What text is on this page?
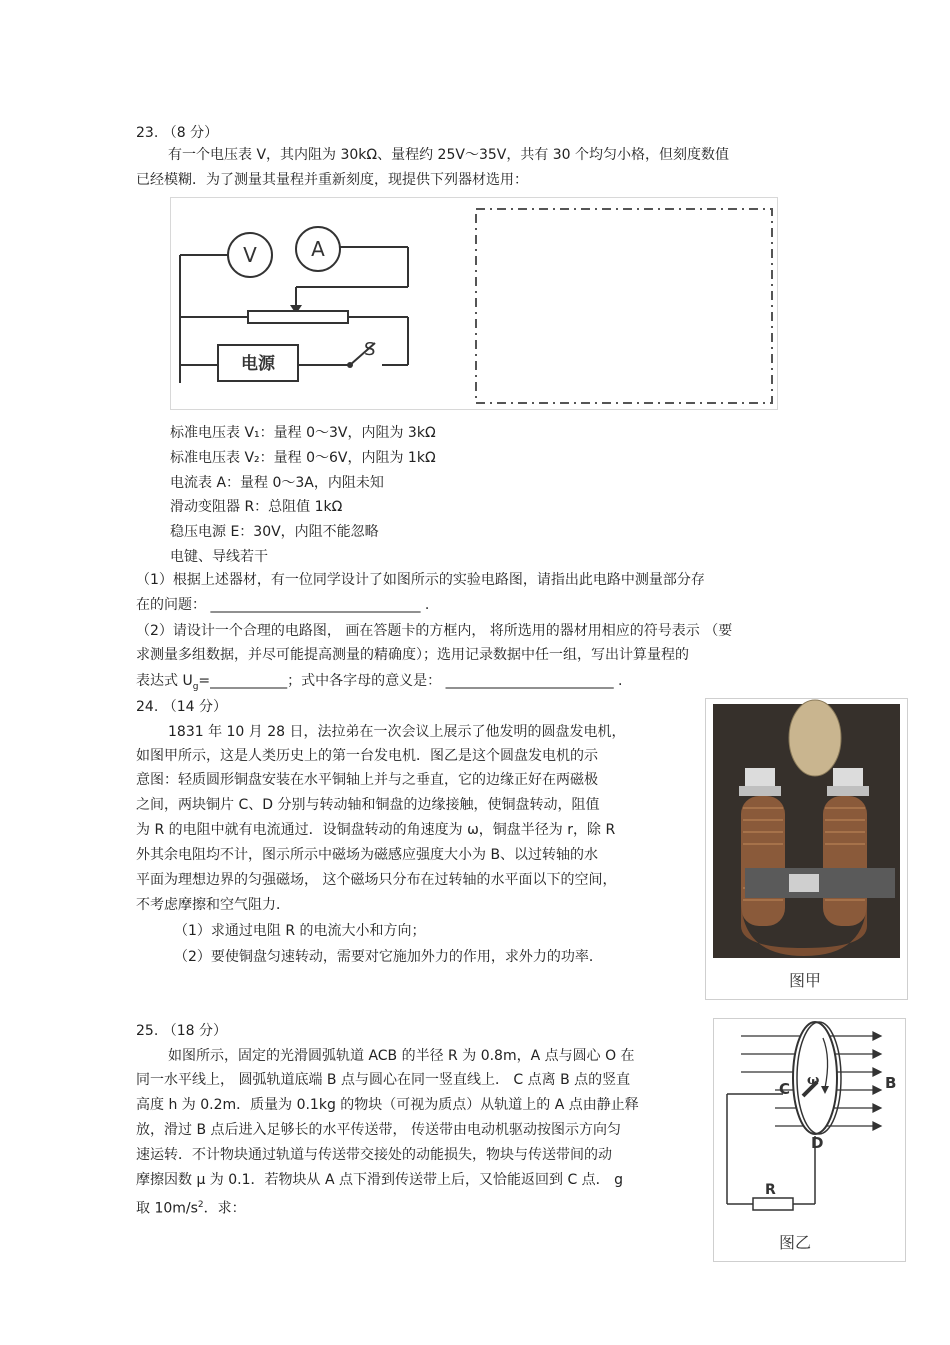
23. （8 分）
有一个电压表 V，其内阻为 30kΩ、量程约 25V～35V，共有 30 个均匀小格，但刻度数值
已经模糊．为了测量其量程并重新刻度，现提供下列器材选用：
V	A
电源
S
标准电压表 V₁：量程 0～3V，内阻为 3kΩ
标准电压表 V₂：量程 0～6V，内阻为 1kΩ
电流表 A：量程 0～3A，内阻未知
滑动变阻器 R：总阻值 1kΩ
稳压电源 E：30V，内阻不能忽略
电键、导线若干
（1）根据上述器材，有一位同学设计了如图所示的实验电路图，请指出此电路中测量部分存
在的问题： ______________________________ .
（2）请设计一个合理的电路图， 画在答题卡的方框内， 将所选用的器材用相应的符号表示 （要
求测量多组数据，并尽可能提高测量的精确度）；选用记录数据中任一组，写出计算量程的
表达式 $U_g=\_\_\_\_\_\_\_\_\_\_\_$；式中各字母的意义是： ________________________ .
24. （14 分）
1831 年 10 月 28 日，法拉弟在一次会议上展示了他发明的圆盘发电机，
如图甲所示，这是人类历史上的第一台发电机．图乙是这个圆盘发电机的示
意图：轻质圆形铜盘安装在水平铜轴上并与之垂直，它的边缘正好在两磁极
之间，两块铜片 C、D 分别与转动轴和铜盘的边缘接触，使铜盘转动，阻值
为 R 的电阻中就有电流通过．设铜盘转动的角速度为 ω，铜盘半径为 r，除 R
外其余电阻均不计，图示所示中磁场为磁感应强度大小为 B、以过转轴的水
平面为理想边界的匀强磁场， 这个磁场只分布在过转轴的水平面以下的空间，
不考虑摩擦和空气阻力．
（1）求通过电阻 R 的电流大小和方向；
（2）要使铜盘匀速转动，需要对它施加外力的作用，求外力的功率．
图甲
25. （18 分）
如图所示，固定的光滑圆弧轨道 ACB 的半径 R 为 0.8m，A 点与圆心 O 在
同一水平线上， 圆弧轨道底端 B 点与圆心在同一竖直线上． C 点离 B 点的竖直
高度 h 为 0.2m．质量为 0.1kg 的物块（可视为质点）从轨道上的 A 点由静止释
放，滑过 B 点后进入足够长的水平传送带， 传送带由电动机驱动按图示方向匀
速运转．不计物块通过轨道与传送带交接处的动能损失，物块与传送带间的动
摩擦因数 μ 为 0.1．若物块从 A 点下滑到传送带上后，又恰能返回到 C 点． g
取 $10m/s^2$．求：
C ω
D
B
R
图乙
